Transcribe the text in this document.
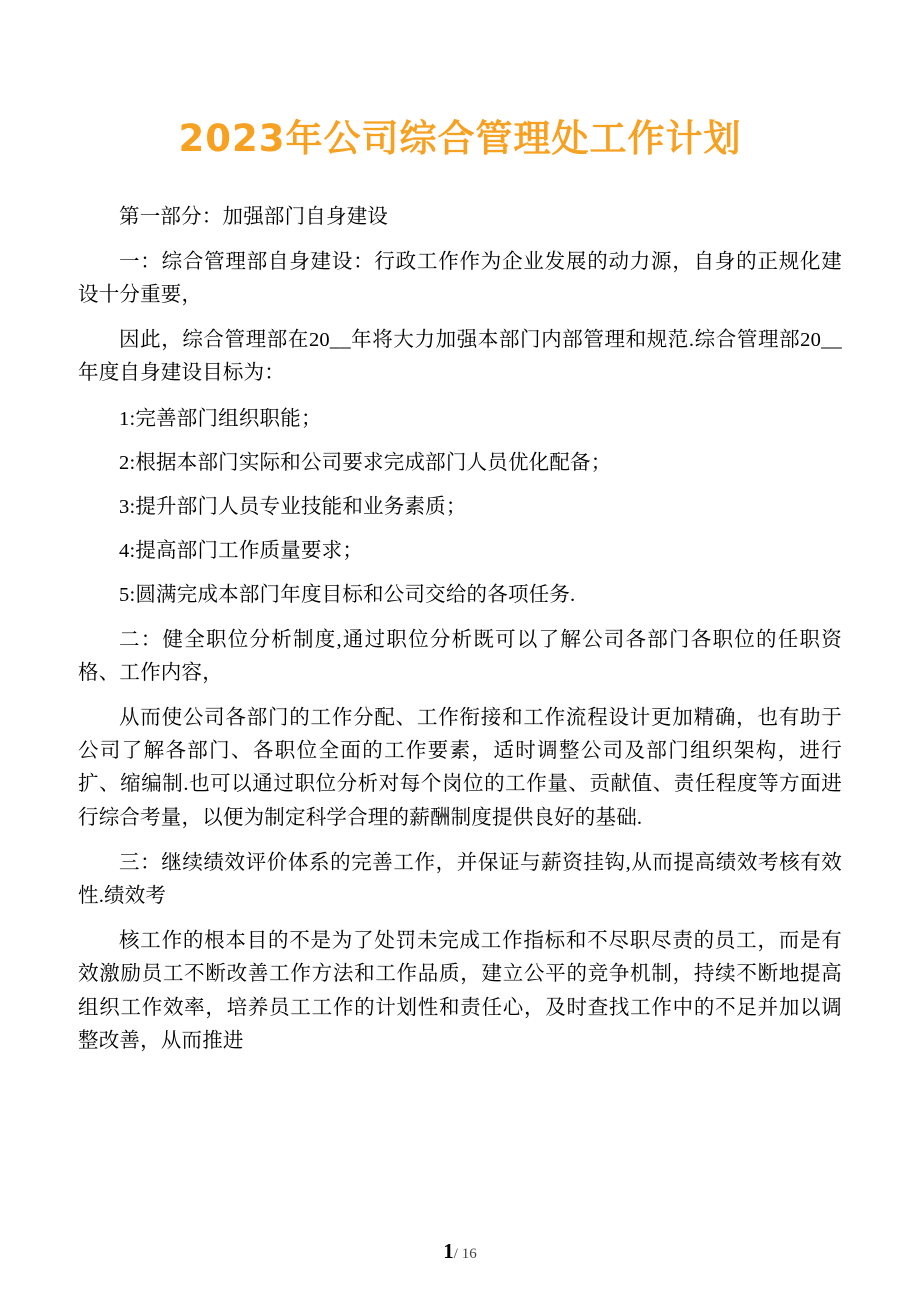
2023年公司综合管理处工作计划

第一部分：加强部门自身建设

一：综合管理部自身建设：行政工作作为企业发展的动力源，自身的正规化建设十分重要，

因此，综合管理部在20__年将大力加强本部门内部管理和规范.综合管理部20__年度自身建设目标为：

1:完善部门组织职能；

2:根据本部门实际和公司要求完成部门人员优化配备；

3:提升部门人员专业技能和业务素质；

4:提高部门工作质量要求；

5:圆满完成本部门年度目标和公司交给的各项任务.

二：健全职位分析制度,通过职位分析既可以了解公司各部门各职位的任职资格、工作内容，

从而使公司各部门的工作分配、工作衔接和工作流程设计更加精确，也有助于公司了解各部门、各职位全面的工作要素，适时调整公司及部门组织架构，进行扩、缩编制.也可以通过职位分析对每个岗位的工作量、贡献值、责任程度等方面进行综合考量，以便为制定科学合理的薪酬制度提供良好的基础.

三：继续绩效评价体系的完善工作，并保证与薪资挂钩,从而提高绩效考核有效性.绩效考

核工作的根本目的不是为了处罚未完成工作指标和不尽职尽责的员工，而是有效激励员工不断改善工作方法和工作品质，建立公平的竞争机制，持续不断地提高组织工作效率，培养员工工作的计划性和责任心，及时查找工作中的不足并加以调整改善，从而推进

1/ 16
